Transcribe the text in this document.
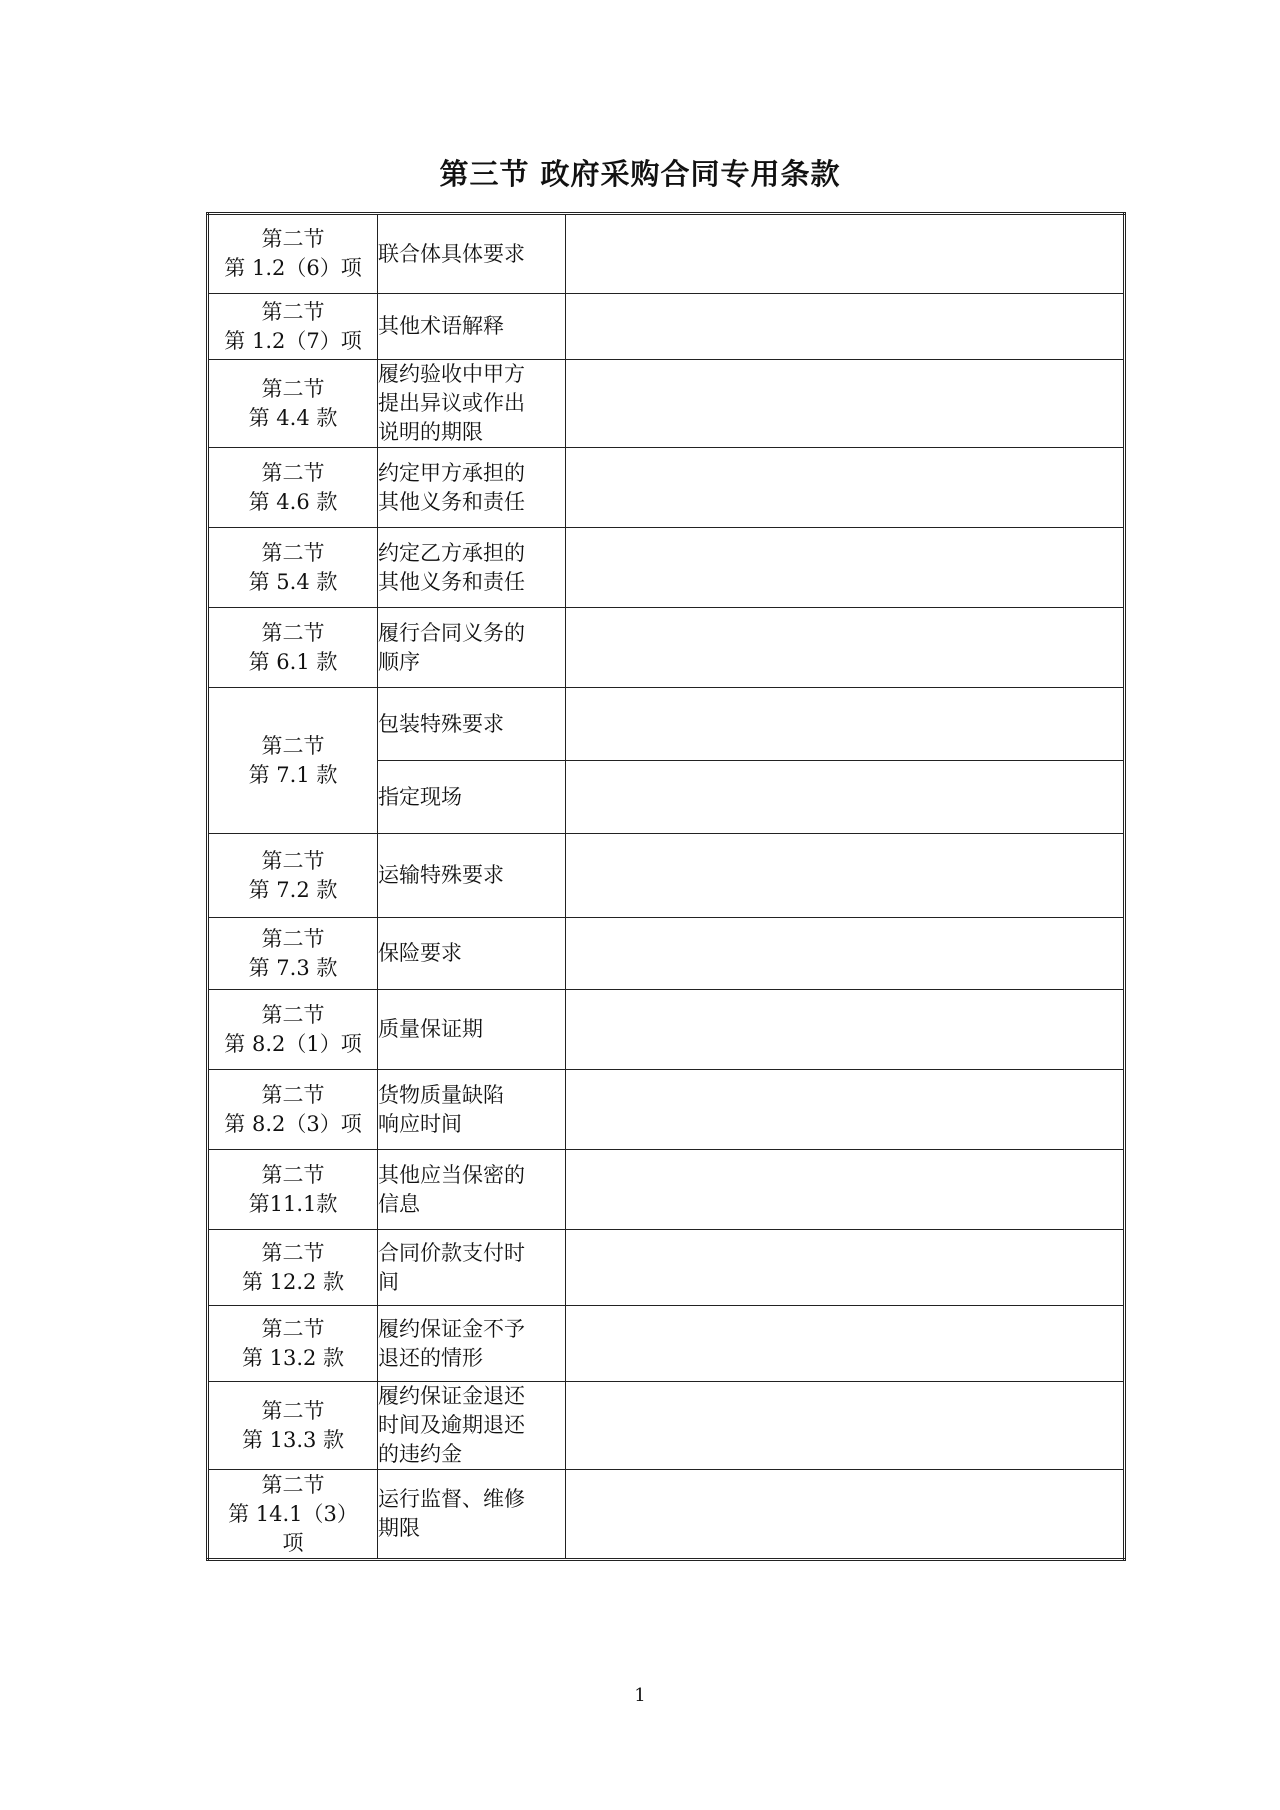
第三节 政府采购合同专用条款
第二节
第 1.2（6）项	联合体具体要求	

第二节
第 1.2（7）项	其他术语解释	

第二节
第 4.4 款	履约验收中甲方
提出异议或作出
说明的期限	

第二节
第 4.6 款	约定甲方承担的
其他义务和责任	

第二节
第 5.4 款	约定乙方承担的
其他义务和责任	

第二节
第 6.1 款	履行合同义务的
顺序	

第二节
第 7.1 款	包装特殊要求	

	指定现场	

第二节
第 7.2 款	运输特殊要求	

第二节
第 7.3 款	保险要求	

第二节
第 8.2（1）项	质量保证期	

第二节
第 8.2（3）项	货物质量缺陷
响应时间	

第二节
第11.1款	其他应当保密的
信息	

第二节
第 12.2 款	合同价款支付时
间	

第二节
第 13.2 款	履约保证金不予
退还的情形	

第二节
第 13.3 款	履约保证金退还
时间及逾期退还
的违约金	

第二节
第 14.1（3）
项	运行监督、维修
期限	

1
